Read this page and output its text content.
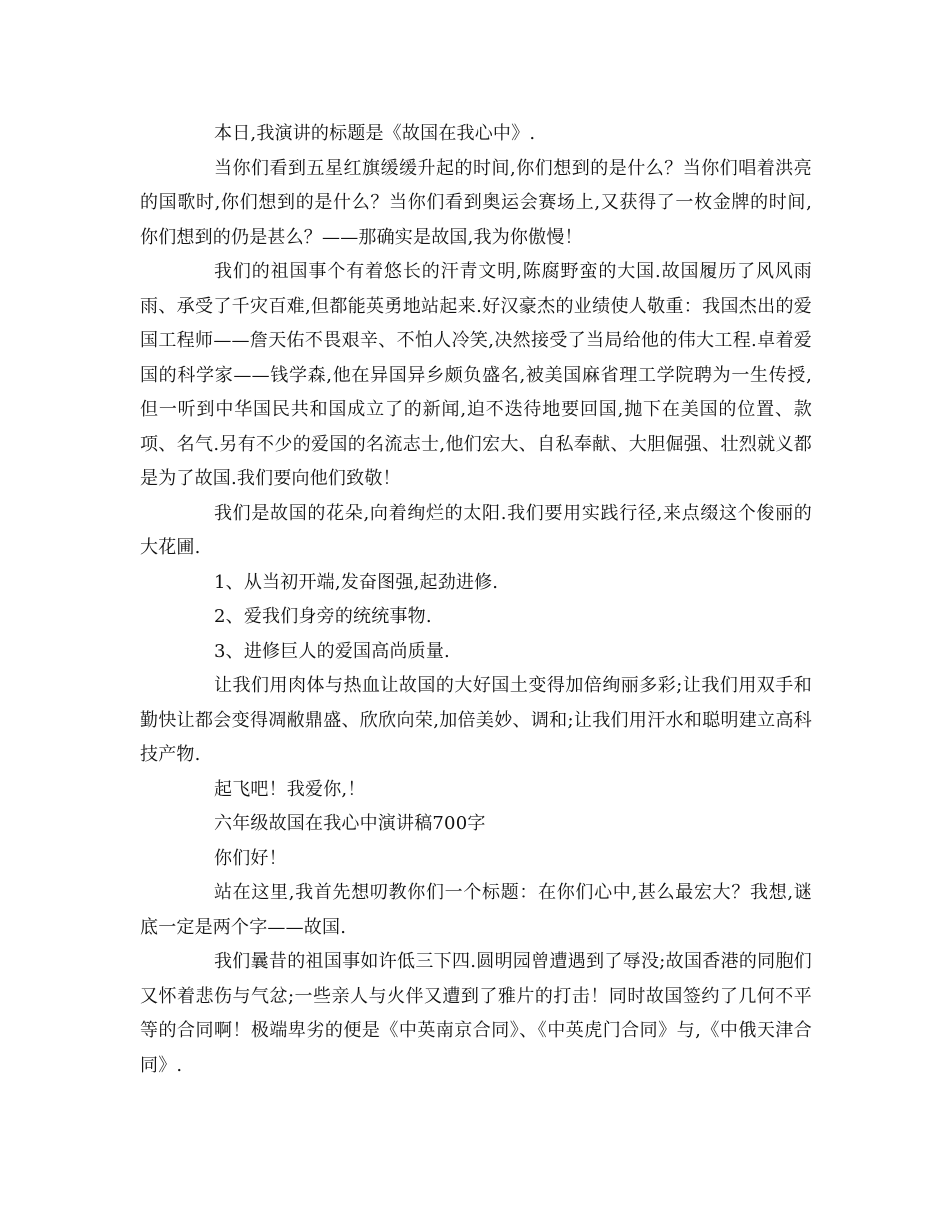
本日,我演讲的标题是《故国在我心中》.

当你们看到五星红旗缓缓升起的时间,你们想到的是什么？当你们唱着洪亮的国歌时,你们想到的是什么？当你们看到奥运会赛场上,又获得了一枚金牌的时间,你们想到的仍是甚么？——那确实是故国,我为你傲慢！

我们的祖国事个有着悠长的汗青文明,陈腐野蛮的大国.故国履历了风风雨雨、承受了千灾百难,但都能英勇地站起来.好汉豪杰的业绩使人敬重：我国杰出的爱国工程师——詹天佑不畏艰辛、不怕人冷笑,决然接受了当局给他的伟大工程.卓着爱国的科学家——钱学森,他在异国异乡颇负盛名,被美国麻省理工学院聘为一生传授,但一听到中华国民共和国成立了的新闻,迫不迭待地要回国,抛下在美国的位置、款项、名气.另有不少的爱国的名流志士,他们宏大、自私奉献、大胆倔强、壮烈就义都是为了故国.我们要向他们致敬！

我们是故国的花朵,向着绚烂的太阳.我们要用实践行径,来点缀这个俊丽的大花圃.

1、从当初开端,发奋图强,起劲进修.

2、爱我们身旁的统统事物.

3、进修巨人的爱国高尚质量.

让我们用肉体与热血让故国的大好国土变得加倍绚丽多彩;让我们用双手和勤快让都会变得凋敝鼎盛、欣欣向荣,加倍美妙、调和;让我们用汗水和聪明建立高科技产物.

起飞吧！我爱你,！

六年级故国在我心中演讲稿700字

你们好！

站在这里,我首先想叨教你们一个标题：在你们心中,甚么最宏大？我想,谜底一定是两个字——故国.

我们曩昔的祖国事如许低三下四.圆明园曾遭遇到了辱没;故国香港的同胞们又怀着悲伤与气忿;一些亲人与火伴又遭到了雅片的打击！同时故国签约了几何不平等的合同啊！极端卑劣的便是《中英南京合同》、《中英虎门合同》与,《中俄天津合同》.
